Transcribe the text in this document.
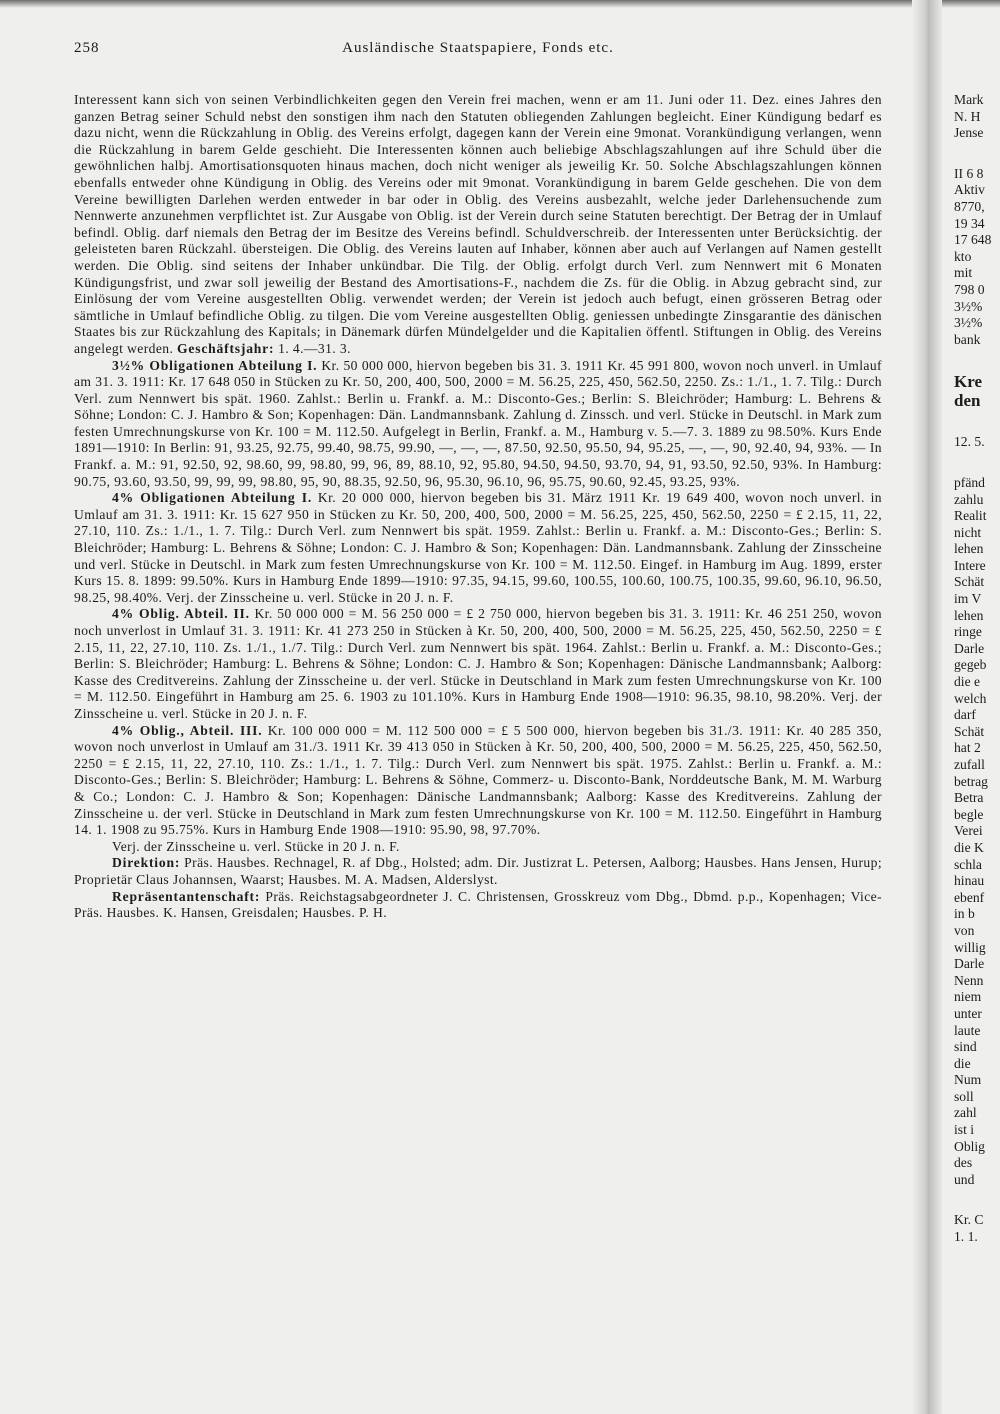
258	Ausländische Staatspapiere, Fonds etc.

Interessent kann sich von seinen Verbindlichkeiten gegen den Verein frei machen, wenn er am 11. Juni oder 11. Dez. eines Jahres den ganzen Betrag seiner Schuld nebst den sonstigen ihm nach den Statuten obliegenden Zahlungen begleicht. Einer Kündigung bedarf es dazu nicht, wenn die Rückzahlung in Oblig. des Vereins erfolgt, dagegen kann der Verein eine 9monat. Vorankündigung verlangen, wenn die Rückzahlung in barem Gelde geschieht. Die Interessenten können auch beliebige Abschlagszahlungen auf ihre Schuld über die gewöhnlichen halbj. Amortisationsquoten hinaus machen, doch nicht weniger als jeweilig Kr. 50. Solche Abschlagszahlungen können ebenfalls entweder ohne Kündigung in Oblig. des Vereins oder mit 9monat. Vorankündigung in barem Gelde geschehen. Die von dem Vereine bewilligten Darlehen werden entweder in bar oder in Oblig. des Vereins ausbezahlt, welche jeder Darlehensuchende zum Nennwerte anzunehmen verpflichtet ist. Zur Ausgabe von Oblig. ist der Verein durch seine Statuten berechtigt. Der Betrag der in Umlauf befindl. Oblig. darf niemals den Betrag der im Besitze des Vereins befindl. Schuldverschreib. der Interessenten unter Berücksichtig. der geleisteten baren Rückzahl. übersteigen. Die Oblig. des Vereins lauten auf Inhaber, können aber auch auf Verlangen auf Namen gestellt werden. Die Oblig. sind seitens der Inhaber unkündbar. Die Tilg. der Oblig. erfolgt durch Verl. zum Nennwert mit 6 Monaten Kündigungsfrist, und zwar soll jeweilig der Bestand des Amortisations-F., nachdem die Zs. für die Oblig. in Abzug gebracht sind, zur Einlösung der vom Vereine ausgestellten Oblig. verwendet werden; der Verein ist jedoch auch befugt, einen grösseren Betrag oder sämtliche in Umlauf befindliche Oblig. zu tilgen. Die vom Vereine ausgestellten Oblig. geniessen unbedingte Zinsgarantie des dänischen Staates bis zur Rückzahlung des Kapitals; in Dänemark dürfen Mündelgelder und die Kapitalien öffentl. Stiftungen in Oblig. des Vereins angelegt werden. Geschäftsjahr: 1. 4.—31. 3.

3½% Obligationen Abteilung I. Kr. 50 000 000, hiervon begeben bis 31. 3. 1911 Kr. 45 991 800, wovon noch unverl. in Umlauf am 31. 3. 1911: Kr. 17 648 050 in Stücken zu Kr. 50, 200, 400, 500, 2000 = M. 56.25, 225, 450, 562.50, 2250. Zs.: 1./1., 1. 7. Tilg.: Durch Verl. zum Nennwert bis spät. 1960. Zahlst.: Berlin u. Frankf. a. M.: Disconto-Ges.; Berlin: S. Bleichröder; Hamburg: L. Behrens & Söhne; London: C. J. Hambro & Son; Kopenhagen: Dän. Landmannsbank. Zahlung d. Zinssch. und verl. Stücke in Deutschl. in Mark zum festen Umrechnungskurse von Kr. 100 = M. 112.50. Aufgelegt in Berlin, Frankf. a. M., Hamburg v. 5.—7. 3. 1889 zu 98.50%. Kurs Ende 1891—1910: In Berlin: 91, 93.25, 92.75, 99.40, 98.75, 99.90, —, —, —, 87.50, 92.50, 95.50, 94, 95.25, —, —, 90, 92.40, 94, 93%. — In Frankf. a. M.: 91, 92.50, 92, 98.60, 99, 98.80, 99, 96, 89, 88.10, 92, 95.80, 94.50, 94.50, 93.70, 94, 91, 93.50, 92.50, 93%. In Hamburg: 90.75, 93.60, 93.50, 99, 99, 99, 98.80, 95, 90, 88.35, 92.50, 96, 95.30, 96.10, 96, 95.75, 90.60, 92.45, 93.25, 93%.

4% Obligationen Abteilung I. Kr. 20 000 000, hiervon begeben bis 31. März 1911 Kr. 19 649 400, wovon noch unverl. in Umlauf am 31. 3. 1911: Kr. 15 627 950 in Stücken zu Kr. 50, 200, 400, 500, 2000 = M. 56.25, 225, 450, 562.50, 2250 = £ 2.15, 11, 22, 27.10, 110. Zs.: 1./1., 1. 7. Tilg.: Durch Verl. zum Nennwert bis spät. 1959. Zahlst.: Berlin u. Frankf. a. M.: Disconto-Ges.; Berlin: S. Bleichröder; Hamburg: L. Behrens & Söhne; London: C. J. Hambro & Son; Kopenhagen: Dän. Landmannsbank. Zahlung der Zinsscheine und verl. Stücke in Deutschl. in Mark zum festen Umrechnungskurse von Kr. 100 = M. 112.50. Eingef. in Hamburg im Aug. 1899, erster Kurs 15. 8. 1899: 99.50%. Kurs in Hamburg Ende 1899—1910: 97.35, 94.15, 99.60, 100.55, 100.60, 100.75, 100.35, 99.60, 96.10, 96.50, 98.25, 98.40%. Verj. der Zinsscheine u. verl. Stücke in 20 J. n. F.

4% Oblig. Abteil. II. Kr. 50 000 000 = M. 56 250 000 = £ 2 750 000, hiervon begeben bis 31. 3. 1911: Kr. 46 251 250, wovon noch unverlost in Umlauf 31. 3. 1911: Kr. 41 273 250 in Stücken à Kr. 50, 200, 400, 500, 2000 = M. 56.25, 225, 450, 562.50, 2250 = £ 2.15, 11, 22, 27.10, 110. Zs. 1./1., 1./7. Tilg.: Durch Verl. zum Nennwert bis spät. 1964. Zahlst.: Berlin u. Frankf. a. M.: Disconto-Ges.; Berlin: S. Bleichröder; Hamburg: L. Behrens & Söhne; London: C. J. Hambro & Son; Kopenhagen: Dänische Landmannsbank; Aalborg: Kasse des Creditvereins. Zahlung der Zinsscheine u. der verl. Stücke in Deutschland in Mark zum festen Umrechnungskurse von Kr. 100 = M. 112.50. Eingeführt in Hamburg am 25. 6. 1903 zu 101.10%. Kurs in Hamburg Ende 1908—1910: 96.35, 98.10, 98.20%. Verj. der Zinsscheine u. verl. Stücke in 20 J. n. F.

4% Oblig., Abteil. III. Kr. 100 000 000 = M. 112 500 000 = £ 5 500 000, hiervon begeben bis 31./3. 1911: Kr. 40 285 350, wovon noch unverlost in Umlauf am 31./3. 1911 Kr. 39 413 050 in Stücken à Kr. 50, 200, 400, 500, 2000 = M. 56.25, 225, 450, 562.50, 2250 = £ 2.15, 11, 22, 27.10, 110. Zs.: 1./1., 1. 7. Tilg.: Durch Verl. zum Nennwert bis spät. 1975. Zahlst.: Berlin u. Frankf. a. M.: Disconto-Ges.; Berlin: S. Bleichröder; Hamburg: L. Behrens & Söhne, Commerz- u. Disconto-Bank, Norddeutsche Bank, M. M. Warburg & Co.; London: C. J. Hambro & Son; Kopenhagen: Dänische Landmannsbank; Aalborg: Kasse des Kreditvereins. Zahlung der Zinsscheine u. der verl. Stücke in Deutschland in Mark zum festen Umrechnungskurse von Kr. 100 = M. 112.50. Eingeführt in Hamburg 14. 1. 1908 zu 95.75%. Kurs in Hamburg Ende 1908—1910: 95.90, 98, 97.70%.

Verj. der Zinsscheine u. verl. Stücke in 20 J. n. F.

Direktion: Präs. Hausbes. Rechnagel, R. af Dbg., Holsted; adm. Dir. Justizrat L. Petersen, Aalborg; Hausbes. Hans Jensen, Hurup; Proprietär Claus Johannsen, Waarst; Hausbes. M. A. Madsen, Alderslyst.

Repräsentantenschaft: Präs. Reichstagsabgeordneter J. C. Christensen, Grosskreuz vom Dbg., Dbmd. p.p., Kopenhagen; Vice-Präs. Hausbes. K. Hansen, Greisdalen; Hausbes. P. H.

Mark
N. H
Jense
II 6 8
Aktiv
8770,
19 34
17 648
kto
mit
798 0
3½%
3½%
bank
Kre
den
12. 5.
pfänd
zahlu
Realit
nicht
lehen
Intere
Schät
im V
lehen
ringe
Darle
gegeb
die e
welch
darf
Schät
hat 2
zufall
betrag
Betra
begle
Verei
die K
schla
hinau
ebenf
in b
von
willig
Darle
Nenn
niem
unter
laute
sind
die
Num
soll
zahl
ist i
Oblig
des
und
Kr. C
1. 1.
